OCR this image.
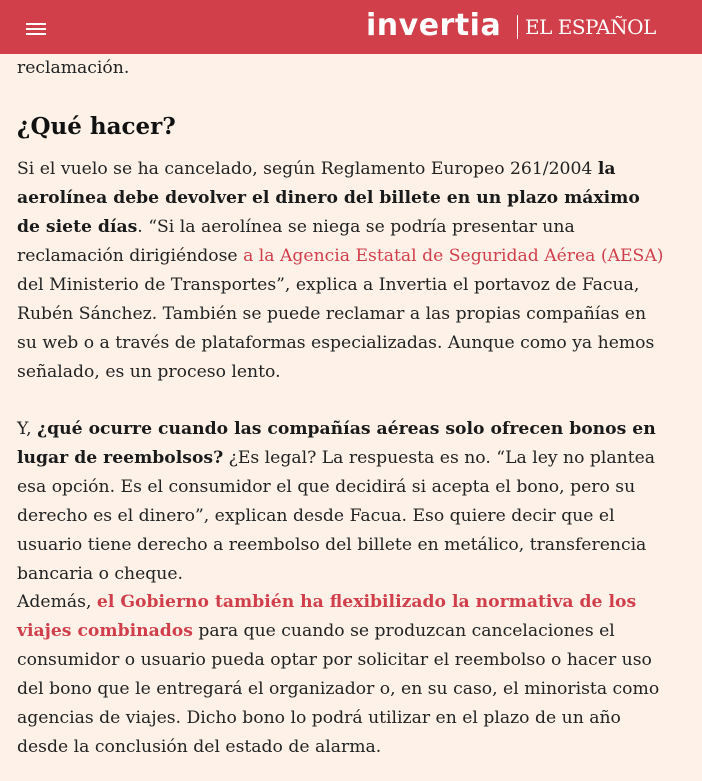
invertia EL ESPAÑOL

reclamación.

¿Qué hacer?

Si el vuelo se ha cancelado, según Reglamento Europeo 261/2004 la aerolínea debe devolver el dinero del billete en un plazo máximo de siete días. “Si la aerolínea se niega se podría presentar una reclamación dirigiéndose a la Agencia Estatal de Seguridad Aérea (AESA) del Ministerio de Transportes”, explica a Invertia el portavoz de Facua, Rubén Sánchez. También se puede reclamar a las propias compañías en su web o a través de plataformas especializadas. Aunque como ya hemos señalado, es un proceso lento.

Y, ¿qué ocurre cuando las compañías aéreas solo ofrecen bonos en lugar de reembolsos? ¿Es legal? La respuesta es no. “La ley no plantea esa opción. Es el consumidor el que decidirá si acepta el bono, pero su derecho es el dinero”, explican desde Facua. Eso quiere decir que el usuario tiene derecho a reembolso del billete en metálico, transferencia bancaria o cheque.

Además, el Gobierno también ha flexibilizado la normativa de los viajes combinados para que cuando se produzcan cancelaciones el consumidor o usuario pueda optar por solicitar el reembolso o hacer uso del bono que le entregará el organizador o, en su caso, el minorista como agencias de viajes. Dicho bono lo podrá utilizar en el plazo de un año desde la conclusión del estado de alarma.
